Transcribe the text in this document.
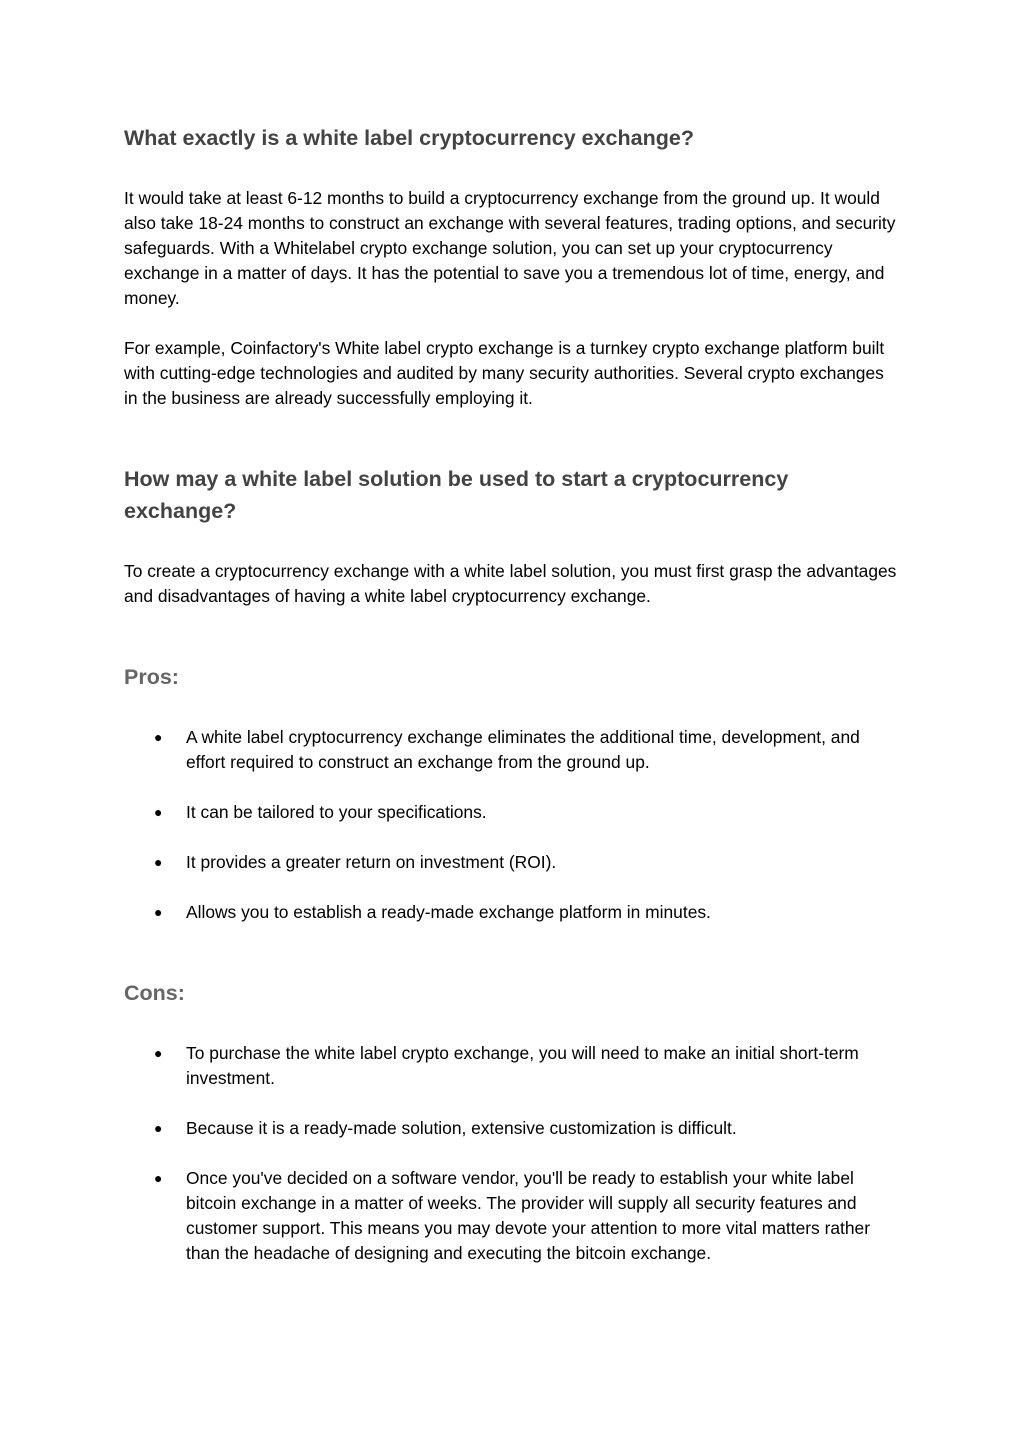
What exactly is a white label cryptocurrency exchange?

It would take at least 6-12 months to build a cryptocurrency exchange from the ground up. It would also take 18-24 months to construct an exchange with several features, trading options, and security safeguards. With a Whitelabel crypto exchange solution, you can set up your cryptocurrency exchange in a matter of days. It has the potential to save you a tremendous lot of time, energy, and money.

For example, Coinfactory's White label crypto exchange is a turnkey crypto exchange platform built with cutting-edge technologies and audited by many security authorities. Several crypto exchanges in the business are already successfully employing it.

How may a white label solution be used to start a cryptocurrency exchange?

To create a cryptocurrency exchange with a white label solution, you must first grasp the advantages and disadvantages of having a white label cryptocurrency exchange.

Pros:
● A white label cryptocurrency exchange eliminates the additional time, development, and effort required to construct an exchange from the ground up.
● It can be tailored to your specifications.
● It provides a greater return on investment (ROI).
● Allows you to establish a ready-made exchange platform in minutes.
Cons:
● To purchase the white label crypto exchange, you will need to make an initial short-term investment.
● Because it is a ready-made solution, extensive customization is difficult.
● Once you've decided on a software vendor, you'll be ready to establish your white label bitcoin exchange in a matter of weeks. The provider will supply all security features and customer support. This means you may devote your attention to more vital matters rather than the headache of designing and executing the bitcoin exchange.
